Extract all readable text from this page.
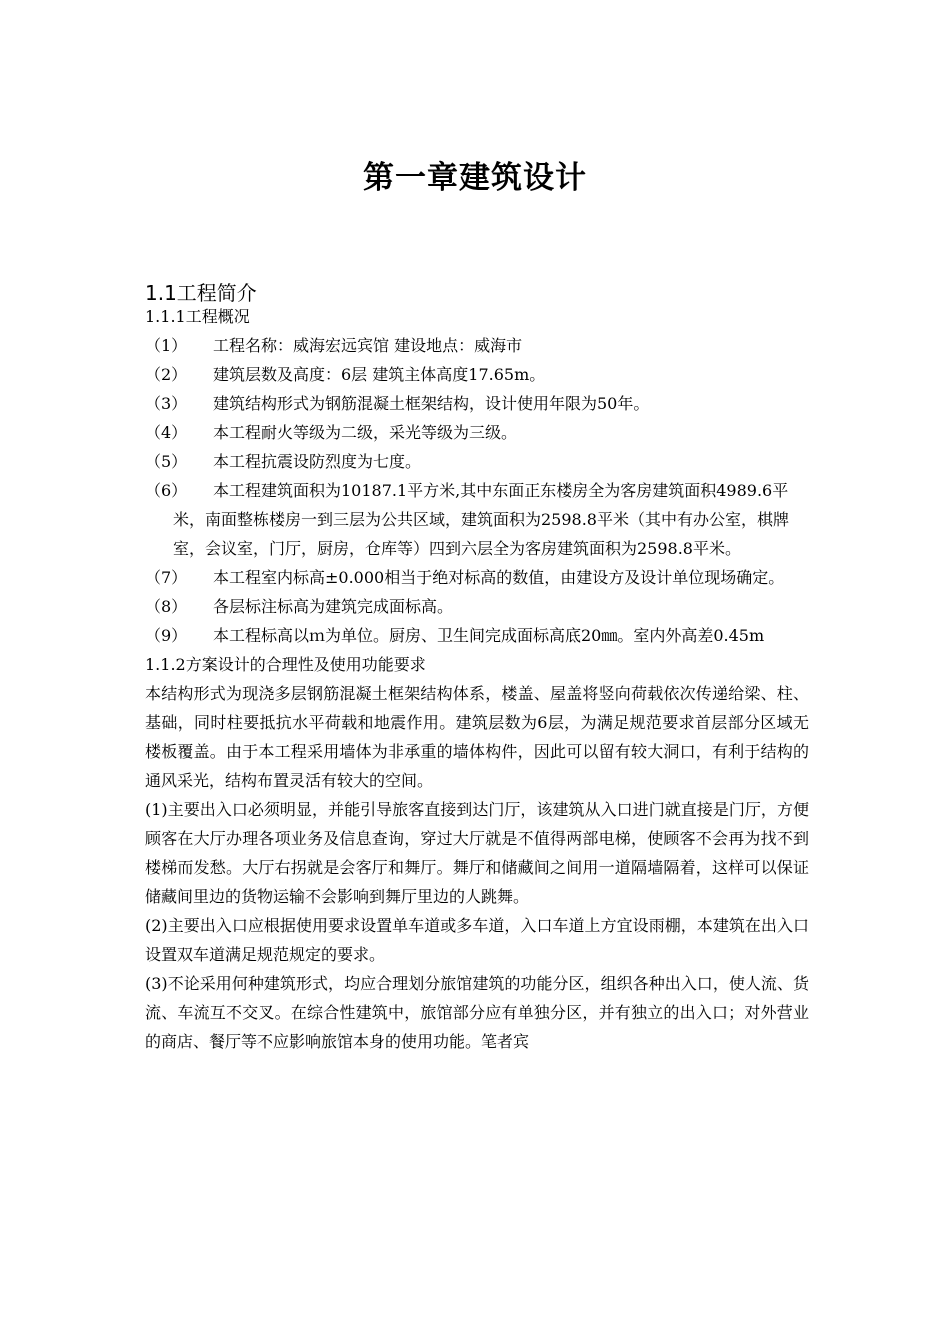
第一章建筑设计
1.1工程简介

1.1.1工程概况

（1） 工程名称：威海宏远宾馆 建设地点：威海市

（2） 建筑层数及高度：6层 建筑主体高度17.65m。

（3） 建筑结构形式为钢筋混凝土框架结构，设计使用年限为50年。

（4） 本工程耐火等级为二级，采光等级为三级。

（5） 本工程抗震设防烈度为七度。

（6） 本工程建筑面积为10187.1平方米,其中东面正东楼房全为客房建筑面积4989.6平米，南面整栋楼房一到三层为公共区域，建筑面积为2598.8平米（其中有办公室，棋牌室，会议室，门厅，厨房，仓库等）四到六层全为客房建筑面积为2598.8平米。

（7） 本工程室内标高±0.000相当于绝对标高的数值，由建设方及设计单位现场确定。

（8） 各层标注标高为建筑完成面标高。

（9） 本工程标高以ｍ为单位。厨房、卫生间完成面标高底20㎜。室内外高差0.45m

1.1.2方案设计的合理性及使用功能要求

本结构形式为现浇多层钢筋混凝土框架结构体系，楼盖、屋盖将竖向荷载依次传递给梁、柱、基础，同时柱要抵抗水平荷载和地震作用。建筑层数为6层，为满足规范要求首层部分区域无楼板覆盖。由于本工程采用墙体为非承重的墙体构件，因此可以留有较大洞口，有利于结构的通风采光，结构布置灵活有较大的空间。

(1)主要出入口必须明显，并能引导旅客直接到达门厅，该建筑从入口进门就直接是门厅，方便顾客在大厅办理各项业务及信息查询，穿过大厅就是不值得两部电梯，使顾客不会再为找不到楼梯而发愁。大厅右拐就是会客厅和舞厅。舞厅和储藏间之间用一道隔墙隔着，这样可以保证储藏间里边的货物运输不会影响到舞厅里边的人跳舞。

(2)主要出入口应根据使用要求设置单车道或多车道，入口车道上方宜设雨棚，本建筑在出入口设置双车道满足规范规定的要求。

(3)不论采用何种建筑形式，均应合理划分旅馆建筑的功能分区，组织各种出入口，使人流、货流、车流互不交叉。在综合性建筑中，旅馆部分应有单独分区，并有独立的出入口；对外营业的商店、餐厅等不应影响旅馆本身的使用功能。笔者宾
